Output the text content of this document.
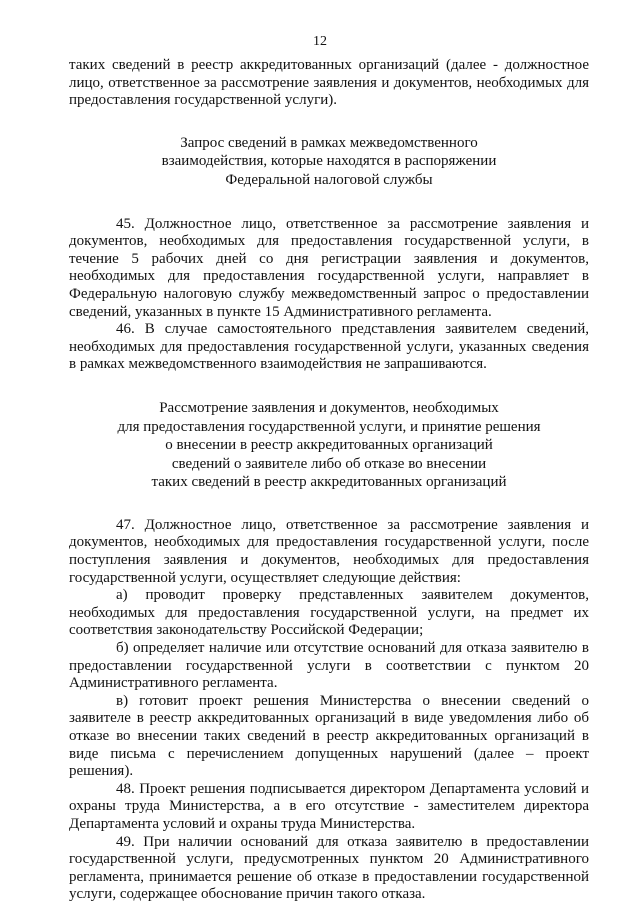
12

таких сведений в реестр аккредитованных организаций (далее - должностное лицо, ответственное за рассмотрение заявления и документов, необходимых для предоставления государственной услуги).

Запрос сведений в рамках межведомственного
взаимодействия, которые находятся в распоряжении
Федеральной налоговой службы

45. Должностное лицо, ответственное за рассмотрение заявления и документов, необходимых для предоставления государственной услуги, в течение 5 рабочих дней со дня регистрации заявления и документов, необходимых для предоставления государственной услуги, направляет в Федеральную налоговую службу межведомственный запрос о предоставлении сведений, указанных в пункте 15 Административного регламента.

46. В случае самостоятельного представления заявителем сведений, необходимых для предоставления государственной услуги, указанных сведения в рамках межведомственного взаимодействия не запрашиваются.

Рассмотрение заявления и документов, необходимых
для предоставления государственной услуги, и принятие решения
о внесении в реестр аккредитованных организаций
сведений о заявителе либо об отказе во внесении
таких сведений в реестр аккредитованных организаций

47. Должностное лицо, ответственное за рассмотрение заявления и документов, необходимых для предоставления государственной услуги, после поступления заявления и документов, необходимых для предоставления государственной услуги, осуществляет следующие действия:

а) проводит проверку представленных заявителем документов, необходимых для предоставления государственной услуги, на предмет их соответствия законодательству Российской Федерации;

б) определяет наличие или отсутствие оснований для отказа заявителю в предоставлении государственной услуги в соответствии с пунктом 20 Административного регламента.

в) готовит проект решения Министерства о внесении сведений о заявителе в реестр аккредитованных организаций в виде уведомления либо об отказе во внесении таких сведений в реестр аккредитованных организаций в виде письма с перечислением допущенных нарушений (далее – проект решения).

48. Проект решения подписывается директором Департамента условий и охраны труда Министерства, а в его отсутствие - заместителем директора Департамента условий и охраны труда Министерства.

49. При наличии оснований для отказа заявителю в предоставлении государственной услуги, предусмотренных пунктом 20 Административного регламента, принимается решение об отказе в предоставлении государственной услуги, содержащее обоснование причин такого отказа.
